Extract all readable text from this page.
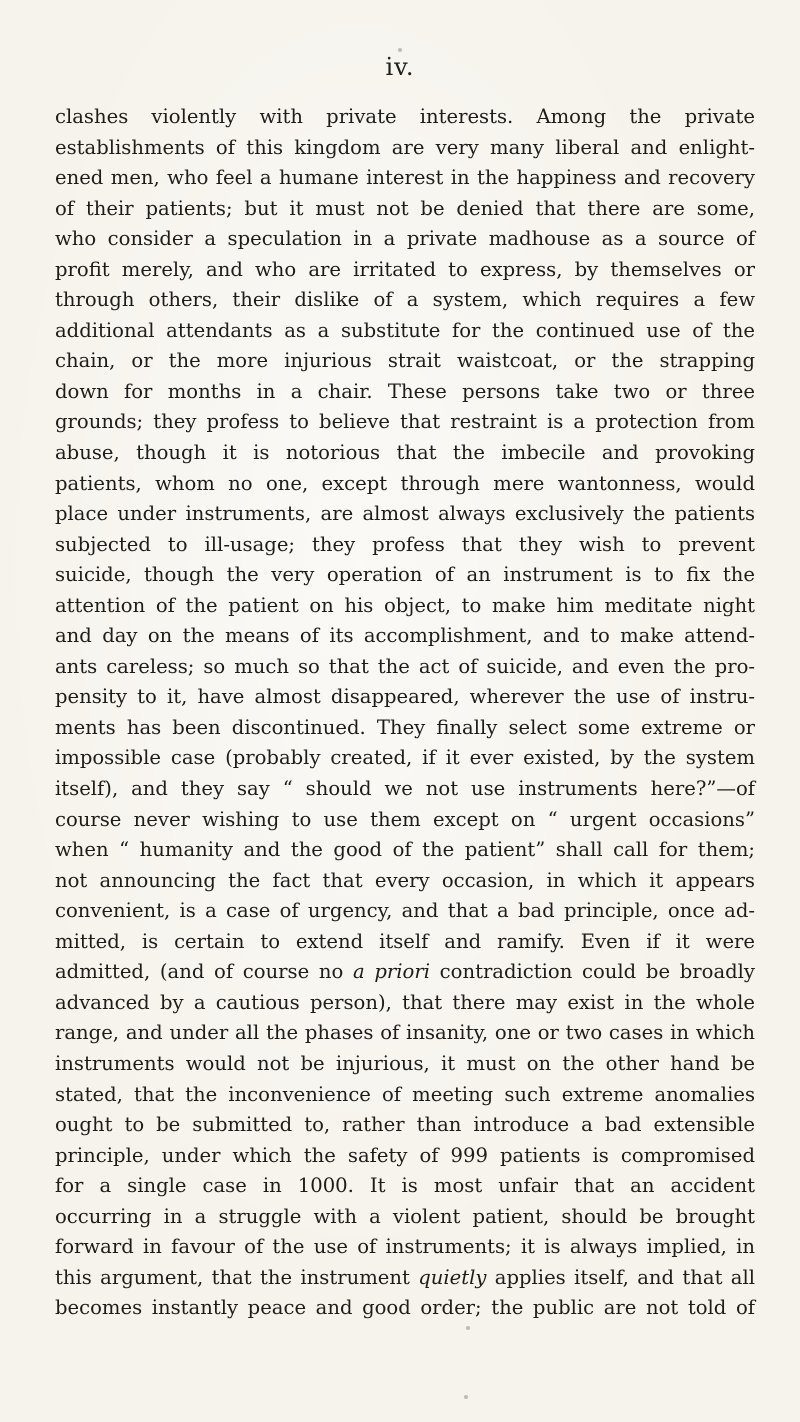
iv.
clashes violently with private interests. Among the private
establishments of this kingdom are very many liberal and enlight-
ened men, who feel a humane interest in the happiness and recovery
of their patients; but it must not be denied that there are some,
who consider a speculation in a private madhouse as a source of
profit merely, and who are irritated to express, by themselves or
through others, their dislike of a system, which requires a few
additional attendants as a substitute for the continued use of the
chain, or the more injurious strait waistcoat, or the strapping
down for months in a chair. These persons take two or three
grounds; they profess to believe that restraint is a protection from
abuse, though it is notorious that the imbecile and provoking
patients, whom no one, except through mere wantonness, would
place under instruments, are almost always exclusively the patients
subjected to ill-usage; they profess that they wish to prevent
suicide, though the very operation of an instrument is to fix the
attention of the patient on his object, to make him meditate night
and day on the means of its accomplishment, and to make attend-
ants careless; so much so that the act of suicide, and even the pro-
pensity to it, have almost disappeared, wherever the use of instru-
ments has been discontinued. They finally select some extreme or
impossible case (probably created, if it ever existed, by the system
itself), and they say “ should we not use instruments here?”—of
course never wishing to use them except on “ urgent occasions”
when “ humanity and the good of the patient” shall call for them;
not announcing the fact that every occasion, in which it appears
convenient, is a case of urgency, and that a bad principle, once ad-
mitted, is certain to extend itself and ramify. Even if it were
admitted, (and of course no a priori contradiction could be broadly
advanced by a cautious person), that there may exist in the whole
range, and under all the phases of insanity, one or two cases in which
instruments would not be injurious, it must on the other hand be
stated, that the inconvenience of meeting such extreme anomalies
ought to be submitted to, rather than introduce a bad extensible
principle, under which the safety of 999 patients is compromised
for a single case in 1000. It is most unfair that an accident
occurring in a struggle with a violent patient, should be brought
forward in favour of the use of instruments; it is always implied, in
this argument, that the instrument quietly applies itself, and that all
becomes instantly peace and good order; the public are not told of
